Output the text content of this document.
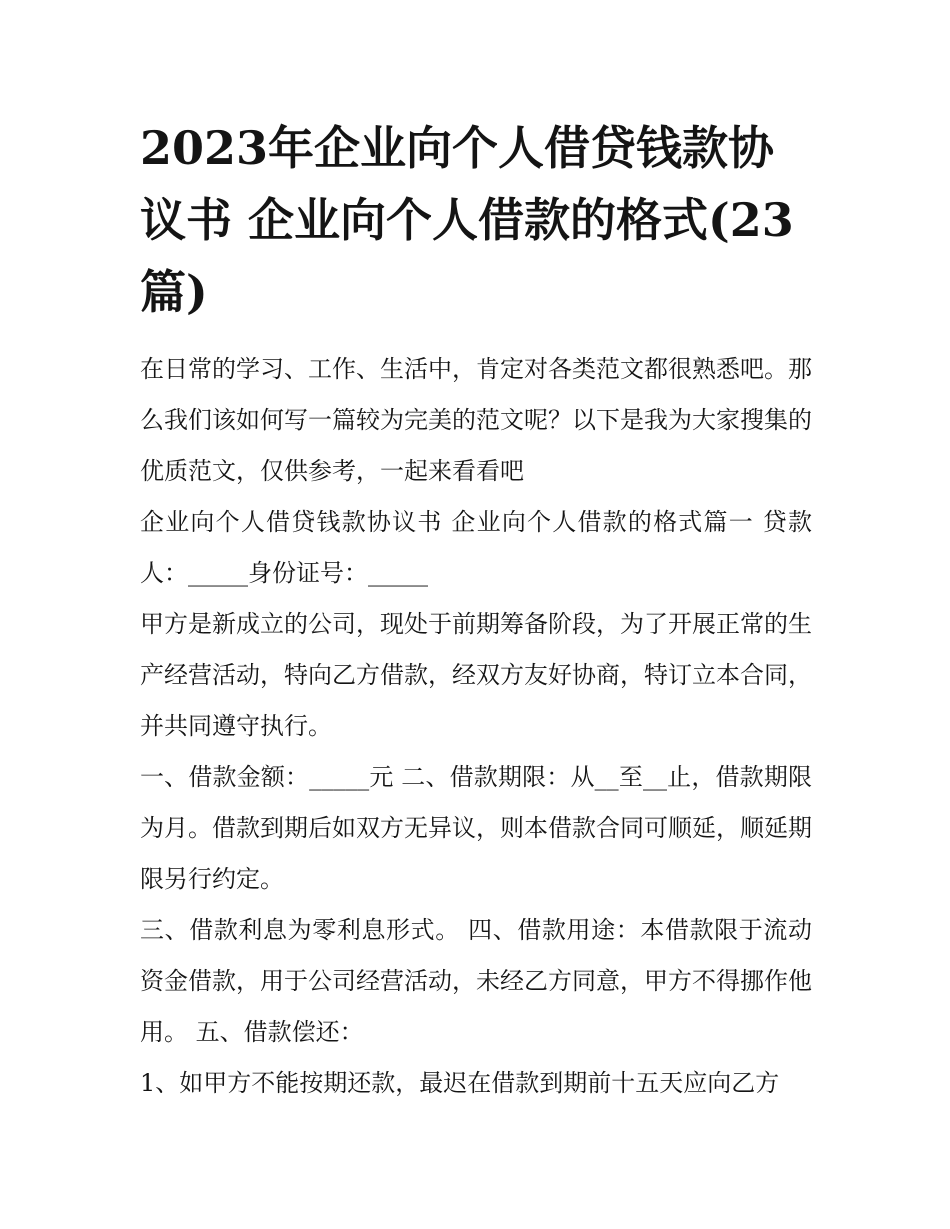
2023年企业向个人借贷钱款协议书 企业向个人借款的格式(23篇)

在日常的学习、工作、生活中，肯定对各类范文都很熟悉吧。那么我们该如何写一篇较为完美的范文呢？以下是我为大家搜集的优质范文，仅供参考，一起来看看吧

企业向个人借贷钱款协议书 企业向个人借款的格式篇一 贷款人：_____身份证号：_____

甲方是新成立的公司，现处于前期筹备阶段，为了开展正常的生产经营活动，特向乙方借款，经双方友好协商，特订立本合同，并共同遵守执行。

一、借款金额：_____元 二、借款期限：从__至__止，借款期限为月。借款到期后如双方无异议，则本借款合同可顺延，顺延期限另行约定。

三、借款利息为零利息形式。 四、借款用途：本借款限于流动资金借款，用于公司经营活动，未经乙方同意，甲方不得挪作他用。 五、借款偿还：

1、如甲方不能按期还款，最迟在借款到期前十五天应向乙方
